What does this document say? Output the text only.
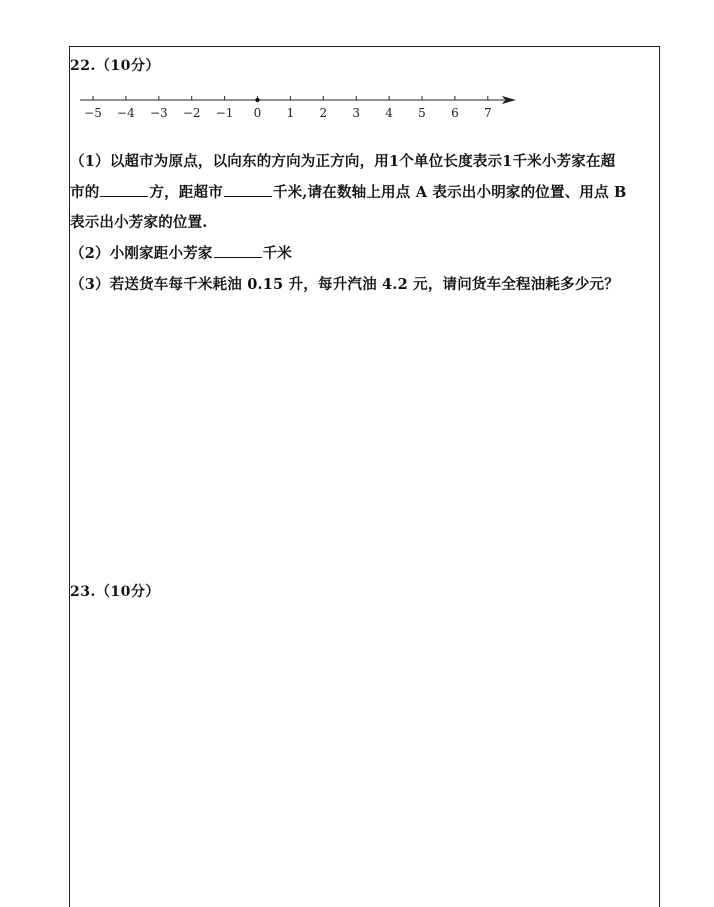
22.（10分）
−5 −4 −3 −2 −1 0 1 2 3 4 5 6 7
（1）以超市为原点，以向东的方向为正方向，用1个单位长度表示1千米小芳家在超
市的	方，距超市	千米,请在数轴上用点 A 表示出小明家的位置、用点 B
表示出小芳家的位置.
（2）小刚家距小芳家	千米
（3）若送货车每千米耗油 0.15 升，每升汽油 4.2 元，请问货车全程油耗多少元？
23.（10分）
